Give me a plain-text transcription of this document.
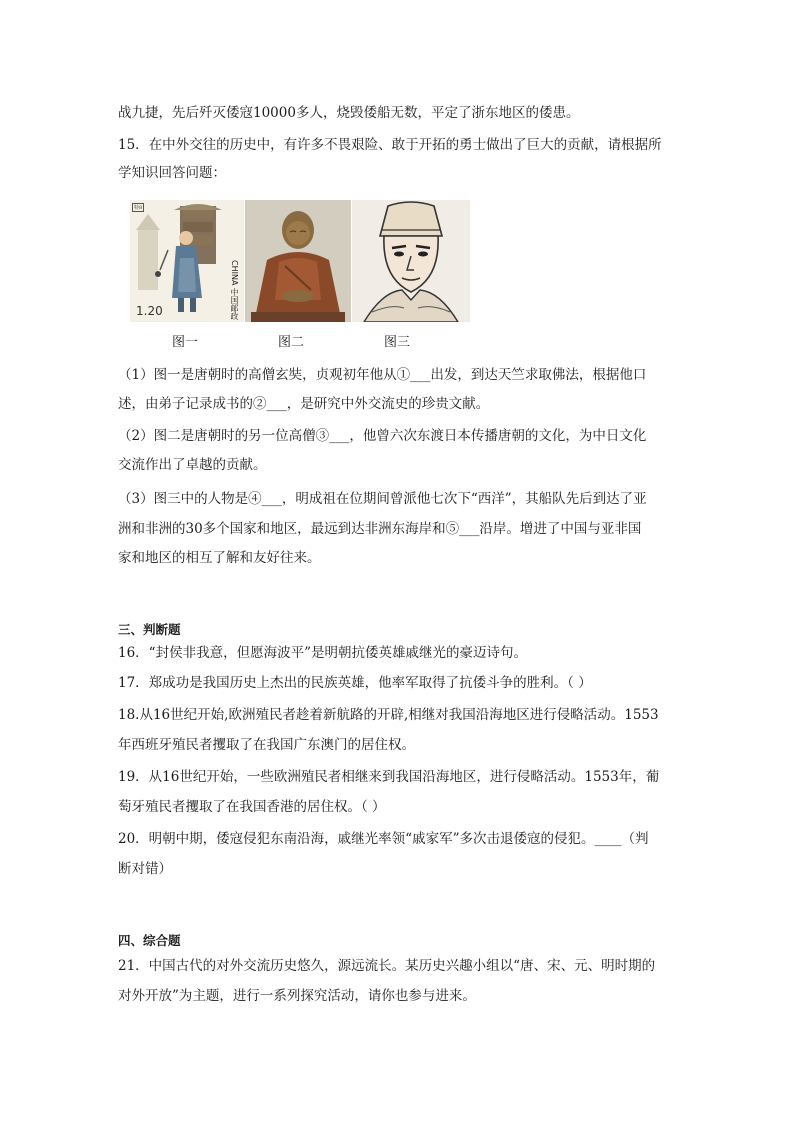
战九捷，先后歼灭倭寇10000多人，烧毁倭船无数，平定了浙东地区的倭患。
15．在中外交往的历史中，有许多不畏艰险、敢于开拓的勇士做出了巨大的贡献，请根据所
学知识回答问题：
特8
CHINA 中国邮政
1.20
图一	图二	图三
（1）图一是唐朝时的高僧玄奘，贞观初年他从①___出发，到达天竺求取佛法，根据他口
述，由弟子记录成书的②___，是研究中外交流史的珍贵文献。
（2）图二是唐朝时的另一位高僧③___，他曾六次东渡日本传播唐朝的文化，为中日文化
交流作出了卓越的贡献。
（3）图三中的人物是④___，明成祖在位期间曾派他七次下“西洋”，其船队先后到达了亚
洲和非洲的30多个国家和地区，最远到达非洲东海岸和⑤___沿岸。增进了中国与亚非国
家和地区的相互了解和友好往来。
三、判断题
16．“封侯非我意，但愿海波平”是明朝抗倭英雄戚继光的豪迈诗句。
17．郑成功是我国历史上杰出的民族英雄，他率军取得了抗倭斗争的胜利。（ ）
18.从16世纪开始,欧洲殖民者趁着新航路的开辟,相继对我国沿海地区进行侵略活动。1553
年西班牙殖民者攫取了在我国广东澳门的居住权。
19．从16世纪开始，一些欧洲殖民者相继来到我国沿海地区，进行侵略活动。1553年，葡
萄牙殖民者攫取了在我国香港的居住权。（ ）
20．明朝中期，倭寇侵犯东南沿海，戚继光率领“戚家军”多次击退倭寇的侵犯。____（判
断对错）
四、综合题
21．中国古代的对外交流历史悠久，源远流长。某历史兴趣小组以“唐、宋、元、明时期的
对外开放”为主题，进行一系列探究活动，请你也参与进来。
